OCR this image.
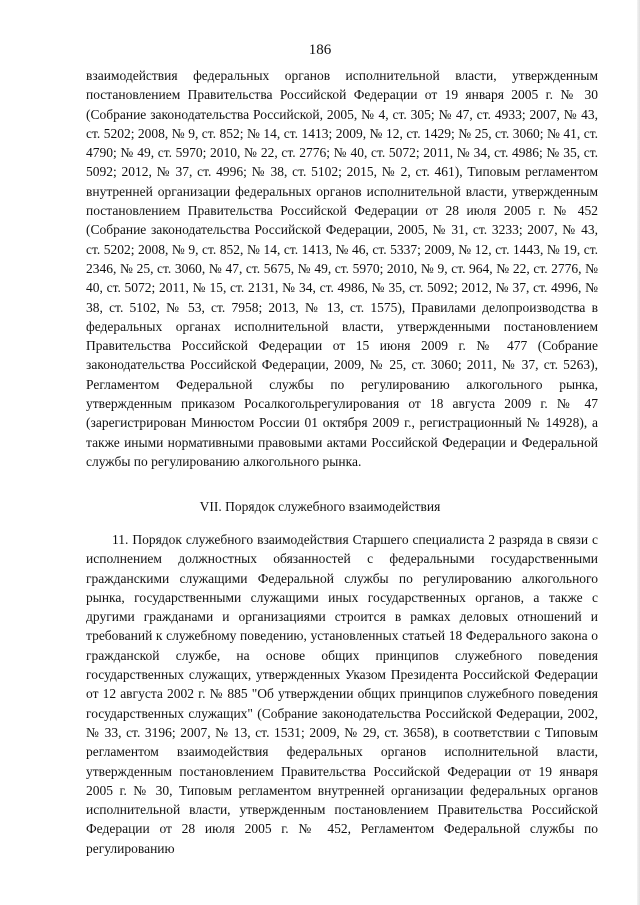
186
взаимодействия федеральных органов исполнительной власти, утвержденным постановлением Правительства Российской Федерации от 19 января 2005 г. № 30 (Собрание законодательства Российской, 2005, № 4, ст. 305; № 47, ст. 4933; 2007, № 43, ст. 5202; 2008, № 9, ст. 852; № 14, ст. 1413; 2009, № 12, ст. 1429; № 25, ст. 3060; № 41, ст. 4790; № 49, ст. 5970; 2010, № 22, ст. 2776; № 40, ст. 5072; 2011, № 34, ст. 4986; № 35, ст. 5092; 2012, № 37, ст. 4996; № 38, ст. 5102; 2015, № 2, ст. 461), Типовым регламентом внутренней организации федеральных органов исполнительной власти, утвержденным постановлением Правительства Российской Федерации от 28 июля 2005 г. № 452 (Собрание законодательства Российской Федерации, 2005, № 31, ст. 3233; 2007, № 43, ст. 5202; 2008, № 9, ст. 852, № 14, ст. 1413, № 46, ст. 5337; 2009, № 12, ст. 1443, № 19, ст. 2346, № 25, ст. 3060, № 47, ст. 5675, № 49, ст. 5970; 2010, № 9, ст. 964, № 22, ст. 2776, № 40, ст. 5072; 2011, № 15, ст. 2131, № 34, ст. 4986, № 35, ст. 5092; 2012, № 37, ст. 4996, № 38, ст. 5102, № 53, ст. 7958; 2013, № 13, ст. 1575), Правилами делопроизводства в федеральных органах исполнительной власти, утвержденными постановлением Правительства Российской Федерации от 15 июня 2009 г. № 477 (Собрание законодательства Российской Федерации, 2009, № 25, ст. 3060; 2011, № 37, ст. 5263), Регламентом Федеральной службы по регулированию алкогольного рынка, утвержденным приказом Росалкогольрегулирования от 18 августа 2009 г. № 47 (зарегистрирован Минюстом России 01 октября 2009 г., регистрационный № 14928), а также иными нормативными правовыми актами Российской Федерации и Федеральной службы по регулированию алкогольного рынка.
VII. Порядок служебного взаимодействия
11. Порядок служебного взаимодействия Старшего специалиста 2 разряда в связи с исполнением должностных обязанностей с федеральными государственными гражданскими служащими Федеральной службы по регулированию алкогольного рынка, государственными служащими иных государственных органов, а также с другими гражданами и организациями строится в рамках деловых отношений и требований к служебному поведению, установленных статьей 18 Федерального закона о гражданской службе, на основе общих принципов служебного поведения государственных служащих, утвержденных Указом Президента Российской Федерации от 12 августа 2002 г. № 885 "Об утверждении общих принципов служебного поведения государственных служащих" (Собрание законодательства Российской Федерации, 2002, № 33, ст. 3196; 2007, № 13, ст. 1531; 2009, № 29, ст. 3658), в соответствии с Типовым регламентом взаимодействия федеральных органов исполнительной власти, утвержденным постановлением Правительства Российской Федерации от 19 января 2005 г. № 30, Типовым регламентом внутренней организации федеральных органов исполнительной власти, утвержденным постановлением Правительства Российской Федерации от 28 июля 2005 г. № 452, Регламентом Федеральной службы по регулированию
